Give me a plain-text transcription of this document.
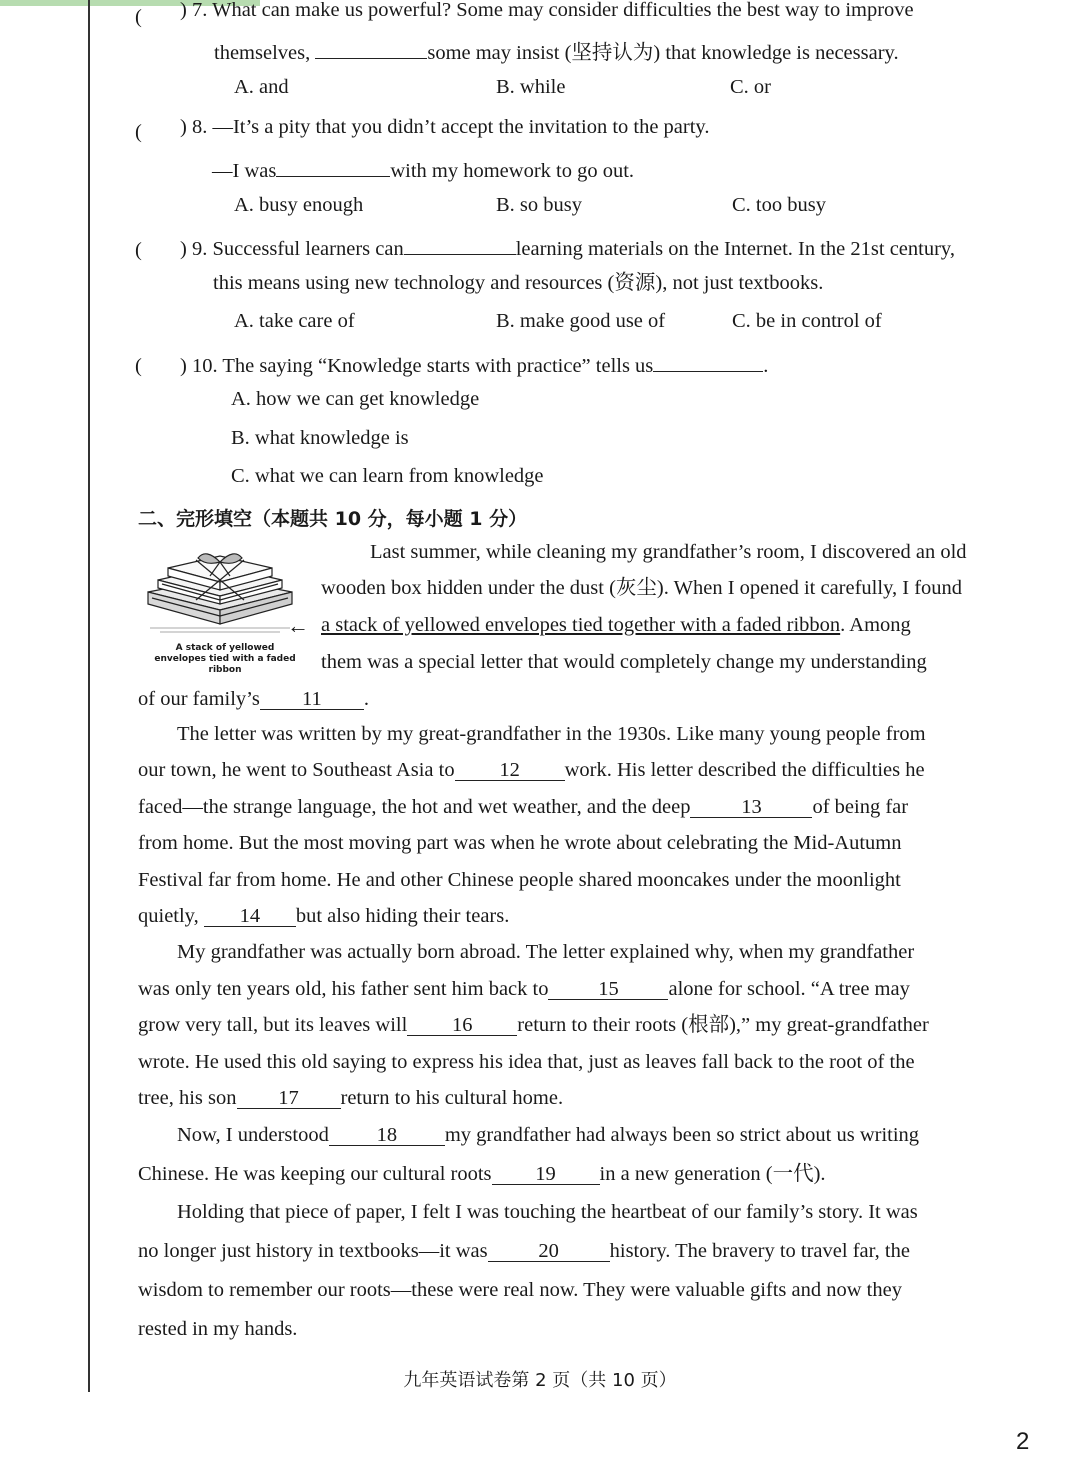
( ) 7. What can make us powerful? Some may consider difficulties the best way to improve
themselves,	some may insist (坚持认为) that knowledge is necessary.
A. and	B. while	C. or
( ) 8. —It’s a pity that you didn’t accept the invitation to the party.
—I was	with my homework to go out.
A. busy enough	B. so busy	C. too busy
( ) 9. Successful learners can	learning materials on the Internet. In the 21st century,
this means using new technology and resources (资源), not just textbooks.
A. take care of	B. make good use of	C. be in control of
( ) 10. The saying “Knowledge starts with practice” tells us	.
A. how we can get knowledge
B. what knowledge is
C. what we can learn from knowledge
二、完形填空（本题共 10 分，每小题 1 分）
←
A stack of yellowed envelopes tied with a faded ribbon
Last summer, while cleaning my grandfather’s room, I discovered an old
wooden box hidden under the dust (灰尘). When I opened it carefully, I found
a stack of yellowed envelopes tied together with a faded ribbon. Among
them was a special letter that would completely change my understanding
of our family’s 11 .
The letter was written by my great-grandfather in the 1930s. Like many young people from
our town, he went to Southeast Asia to 12 work. His letter described the difficulties he
faced—the strange language, the hot and wet weather, and the deep 13 of being far
from home. But the most moving part was when he wrote about celebrating the Mid-Autumn
Festival far from home. He and other Chinese people shared mooncakes under the moonlight
quietly, 14 but also hiding their tears.
My grandfather was actually born abroad. The letter explained why, when my grandfather
was only ten years old, his father sent him back to 15 alone for school. “A tree may
grow very tall, but its leaves will 16 return to their roots (根部),” my great-grandfather
wrote. He used this old saying to express his idea that, just as leaves fall back to the root of the
tree, his son 17 return to his cultural home.
Now, I understood 18 my grandfather had always been so strict about us writing
Chinese. He was keeping our cultural roots 19 in a new generation (一代).
Holding that piece of paper, I felt I was touching the heartbeat of our family’s story. It was
no longer just history in textbooks—it was 20 history. The bravery to travel far, the
wisdom to remember our roots—these were real now. They were valuable gifts and now they
rested in my hands.
九年英语试卷第 2 页（共 10 页）
2
